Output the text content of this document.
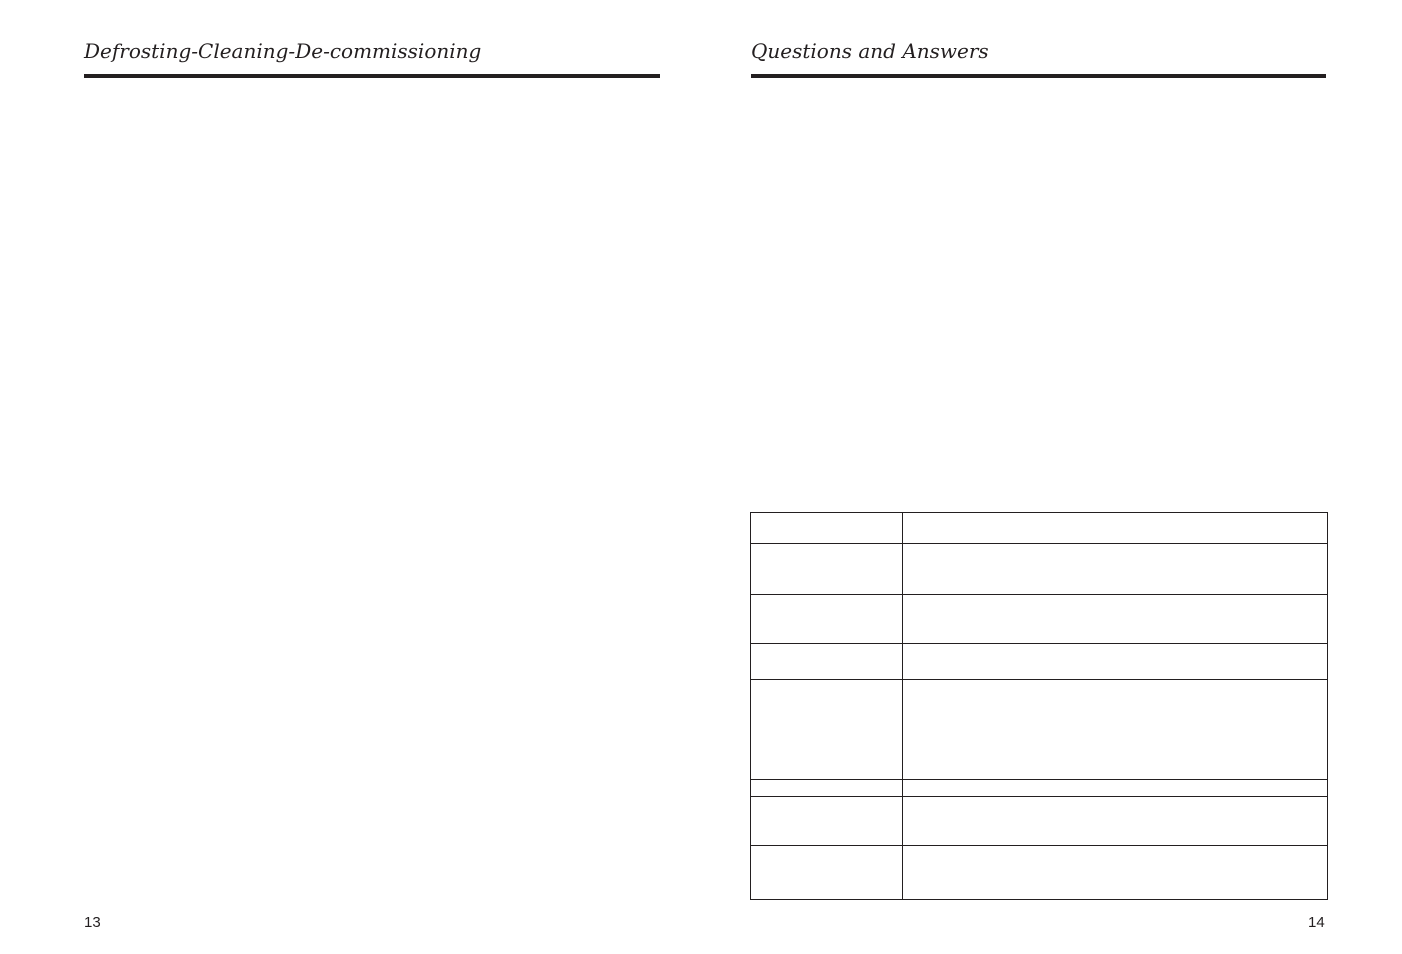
Defrosting-Cleaning-De-commissioning
13
Questions and Answers

14
